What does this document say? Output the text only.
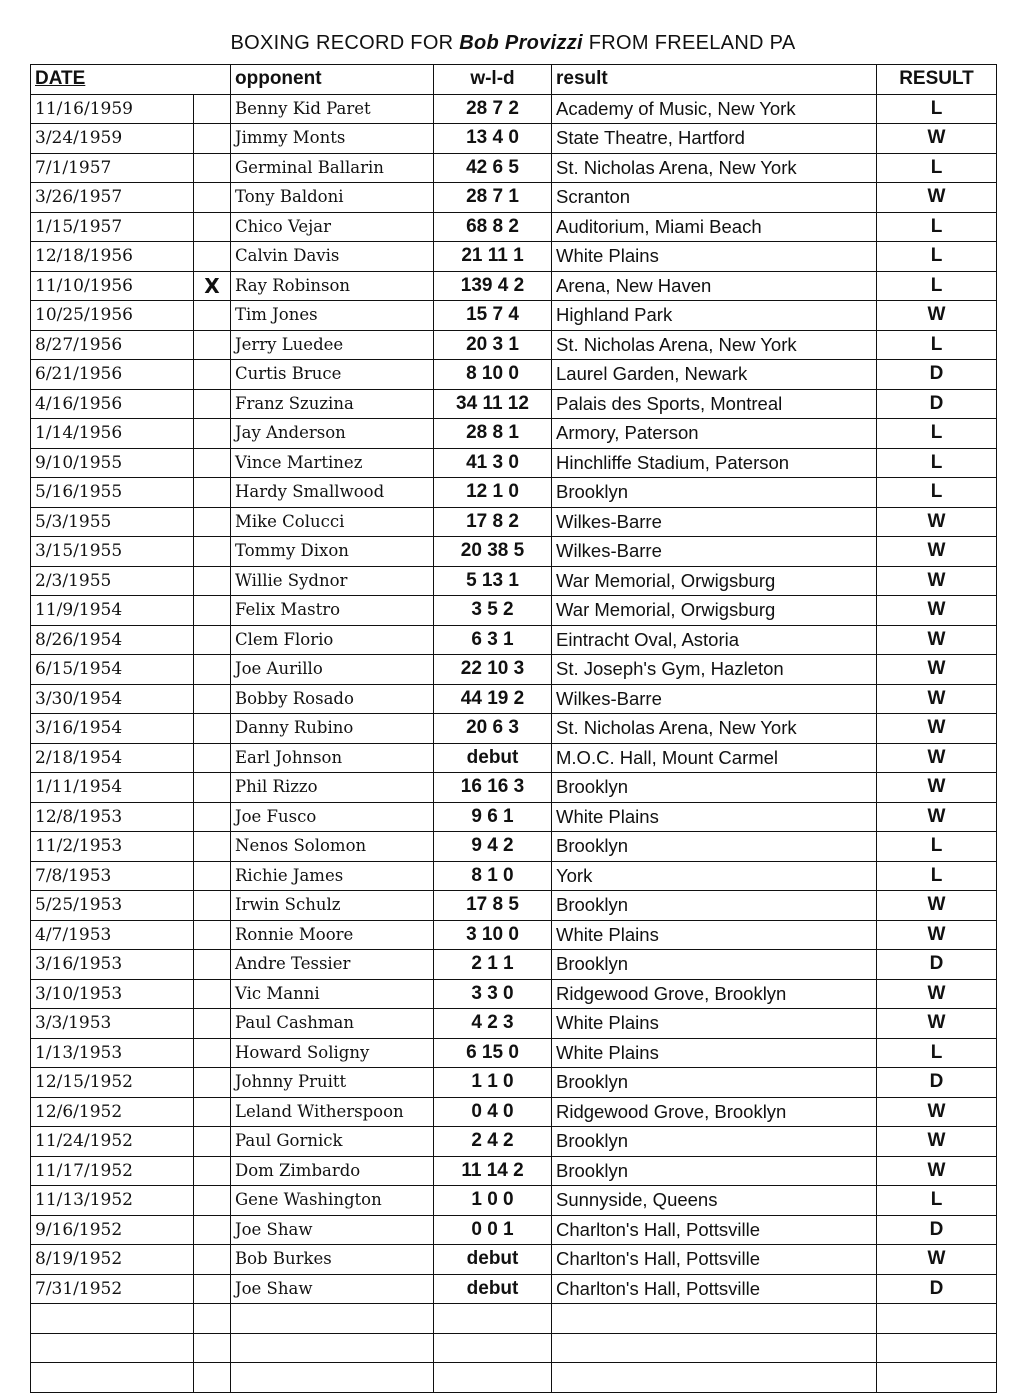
BOXING RECORD FOR Bob Provizzi FROM FREELAND PA
DATE		opponent	w-l-d	result	RESULT
11/16/1959		Benny Kid Paret	28 7 2	Academy of Music, New York	L
3/24/1959		Jimmy Monts	13 4 0	State Theatre, Hartford	W
7/1/1957		Germinal Ballarin	42 6 5	St. Nicholas Arena, New York	L
3/26/1957		Tony Baldoni	28 7 1	Scranton	W
1/15/1957		Chico Vejar	68 8 2	Auditorium, Miami Beach	L
12/18/1956		Calvin Davis	21 11 1	White Plains	L
11/10/1956	X	Ray Robinson	139 4 2	Arena, New Haven	L
10/25/1956		Tim Jones	15 7 4	Highland Park	W
8/27/1956		Jerry Luedee	20 3 1	St. Nicholas Arena, New York	L
6/21/1956		Curtis Bruce	8 10 0	Laurel Garden, Newark	D
4/16/1956		Franz Szuzina	34 11 12	Palais des Sports, Montreal	D
1/14/1956		Jay Anderson	28 8 1	Armory, Paterson	L
9/10/1955		Vince Martinez	41 3 0	Hinchliffe Stadium, Paterson	L
5/16/1955		Hardy Smallwood	12 1 0	Brooklyn	L
5/3/1955		Mike Colucci	17 8 2	Wilkes-Barre	W
3/15/1955		Tommy Dixon	20 38 5	Wilkes-Barre	W
2/3/1955		Willie Sydnor	5 13 1	War Memorial, Orwigsburg	W
11/9/1954		Felix Mastro	3 5 2	War Memorial, Orwigsburg	W
8/26/1954		Clem Florio	6 3 1	Eintracht Oval, Astoria	W
6/15/1954		Joe Aurillo	22 10 3	St. Joseph's Gym, Hazleton	W
3/30/1954		Bobby Rosado	44 19 2	Wilkes-Barre	W
3/16/1954		Danny Rubino	20 6 3	St. Nicholas Arena, New York	W
2/18/1954		Earl Johnson	debut	M.O.C. Hall, Mount Carmel	W
1/11/1954		Phil Rizzo	16 16 3	Brooklyn	W
12/8/1953		Joe Fusco	9 6 1	White Plains	W
11/2/1953		Nenos Solomon	9 4 2	Brooklyn	L
7/8/1953		Richie James	8 1 0	York	L
5/25/1953		Irwin Schulz	17 8 5	Brooklyn	W
4/7/1953		Ronnie Moore	3 10 0	White Plains	W
3/16/1953		Andre Tessier	2 1 1	Brooklyn	D
3/10/1953		Vic Manni	3 3 0	Ridgewood Grove, Brooklyn	W
3/3/1953		Paul Cashman	4 2 3	White Plains	W
1/13/1953		Howard Soligny	6 15 0	White Plains	L
12/15/1952		Johnny Pruitt	1 1 0	Brooklyn	D
12/6/1952		Leland Witherspoon	0 4 0	Ridgewood Grove, Brooklyn	W
11/24/1952		Paul Gornick	2 4 2	Brooklyn	W
11/17/1952		Dom Zimbardo	11 14 2	Brooklyn	W
11/13/1952		Gene Washington	1 0 0	Sunnyside, Queens	L
9/16/1952		Joe Shaw	0 0 1	Charlton's Hall, Pottsville	D
8/19/1952		Bob Burkes	debut	Charlton's Hall, Pottsville	W
7/31/1952		Joe Shaw	debut	Charlton's Hall, Pottsville	D
